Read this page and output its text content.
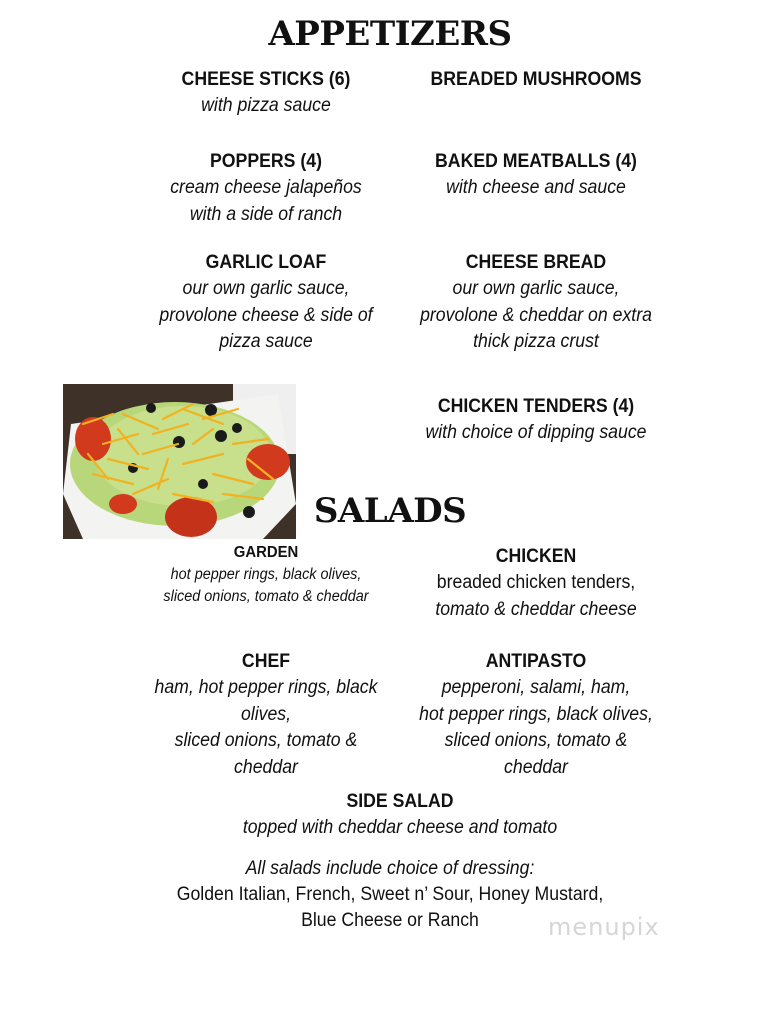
APPETIZERS
CHEESE STICKS (6)
with pizza sauce
BREADED MUSHROOMS
POPPERS (4)
cream cheese jalapeños
with a side of ranch
BAKED MEATBALLS (4)
with cheese and sauce
GARLIC LOAF
our own garlic sauce,
provolone cheese & side of
pizza sauce
CHEESE BREAD
our own garlic sauce,
provolone & cheddar on extra
thick pizza crust
CHICKEN TENDERS (4)
with choice of dipping sauce
SALADS
GARDEN
hot pepper rings, black olives,
sliced onions, tomato & cheddar
CHICKEN
breaded chicken tenders,
tomato & cheddar cheese
CHEF
ham, hot pepper rings, black
olives,
sliced onions, tomato &
cheddar
ANTIPASTO
pepperoni, salami, ham,
hot pepper rings, black olives,
sliced onions, tomato &
cheddar
SIDE SALAD
topped with cheddar cheese and tomato
All salads include choice of dressing:
Golden Italian, French, Sweet n’ Sour, Honey Mustard,
Blue Cheese or Ranch	menupix
